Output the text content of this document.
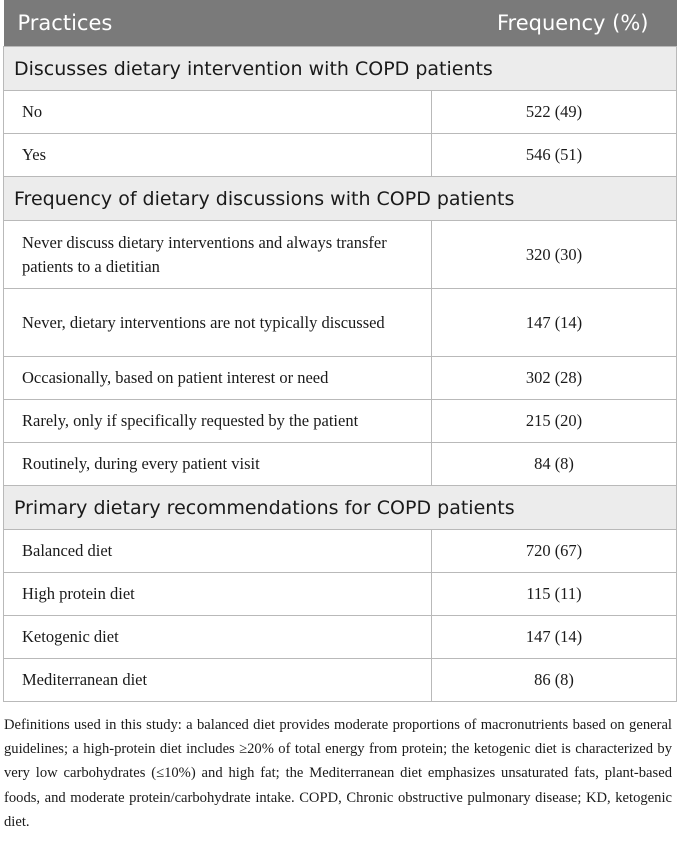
Practices	Frequency (%)
Discusses dietary intervention with COPD patients	
No	522 (49)
Yes	546 (51)
Frequency of dietary discussions with COPD patients	
Never discuss dietary interventions and always transfer patients to a dietitian	320 (30)
Never, dietary interventions are not typically discussed	147 (14)
Occasionally, based on patient interest or need	302 (28)
Rarely, only if specifically requested by the patient	215 (20)
Routinely, during every patient visit	84 (8)
Primary dietary recommendations for COPD patients	
Balanced diet	720 (67)
High protein diet	115 (11)
Ketogenic diet	147 (14)
Mediterranean diet	86 (8)

Definitions used in this study: a balanced diet provides moderate proportions of macronutrients based on general guidelines; a high-protein diet includes ≥20% of total energy from protein; the ketogenic diet is characterized by very low carbohydrates (≤10%) and high fat; the Mediterranean diet emphasizes unsaturated fats, plant-based foods, and moderate protein/carbohydrate intake. COPD, Chronic obstructive pulmonary disease; KD, ketogenic diet.
